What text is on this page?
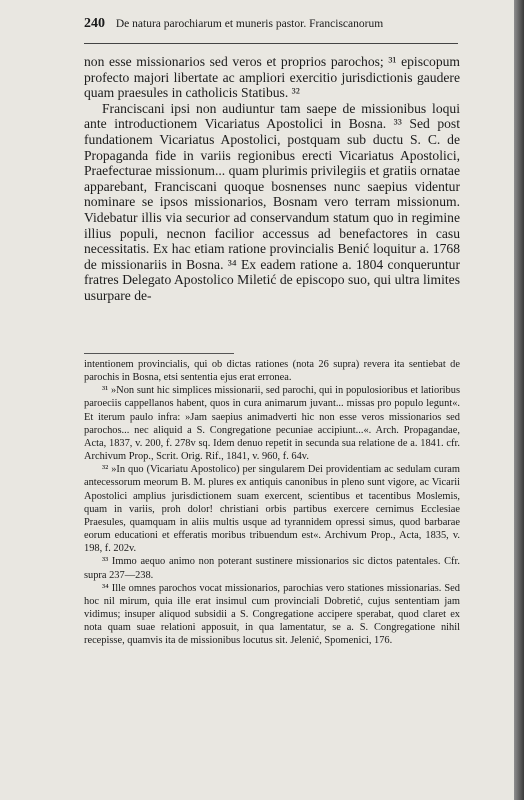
240 De natura parochiarum et muneris pastor. Franciscanorum

non esse missionarios sed veros et proprios parochos; ³¹ episcopum profecto majori libertate ac ampliori exercitio jurisdictionis gaudere quam praesules in catholicis Statibus. ³²

Franciscani ipsi non audiuntur tam saepe de missionibus loqui ante introductionem Vicariatus Apostolici in Bosna. ³³ Sed post fundationem Vicariatus Apostolici, postquam sub ductu S. C. de Propaganda fide in variis regionibus erecti Vicariatus Apostolici, Praefecturae missionum... quam plurimis privilegiis et gratiis ornatae apparebant, Franciscani quoque bosnenses nunc saepius videntur nominare se ipsos missionarios, Bosnam vero terram missionum. Videbatur illis via securior ad conservandum statum quo in regimine illius populi, necnon facilior accessus ad benefactores in casu necessitatis. Ex hac etiam ratione provincialis Benić loquitur a. 1768 de missionariis in Bosna. ³⁴ Ex eadem ratione a. 1804 conqueruntur fratres Delegato Apostolico Miletić de episcopo suo, qui ultra limites usurpare de-

intentionem provincialis, qui ob dictas rationes (nota 26 supra) revera ita sentiebat de parochis in Bosna, etsi sententia ejus erat erronea.

³¹ »Non sunt hic simplices missionarii, sed parochi, qui in populosioribus et latioribus paroeciis cappellanos habent, quos in cura animarum juvant... missas pro populo legunt«. Et iterum paulo infra: »Jam saepius animadverti hic non esse veros missionarios sed parochos... nec aliquid a S. Congregatione pecuniae accipiunt...«. Arch. Propagandae, Acta, 1837, v. 200, f. 278v sq. Idem denuo repetit in secunda sua relatione de a. 1841. cfr. Archivum Prop., Scrit. Orig. Rif., 1841, v. 960, f. 64v.

³² »In quo (Vicariatu Apostolico) per singularem Dei providentiam ac sedulam curam antecessorum meorum B. M. plures ex antiquis canonibus in pleno sunt vigore, ac Vicarii Apostolici amplius jurisdictionem suam exercent, scientibus et tacentibus Moslemis, quam in variis, proh dolor! christiani orbis partibus exercere cernimus Ecclesiae Praesules, quamquam in aliis multis usque ad tyrannidem opressi simus, quod barbarae eorum educationi et efferatis moribus tribuendum est«. Archivum Prop., Acta, 1835, v. 198, f. 202v.

³³ Immo aequo animo non poterant sustinere missionarios sic dictos patentales. Cfr. supra 237—238.

³⁴ Ille omnes parochos vocat missionarios, parochias vero stationes missionarias. Sed hoc nil mirum, quia ille erat insimul cum provinciali Dobretić, cujus sententiam jam vidimus; insuper aliquod subsidii a S. Congregatione accipere sperabat, quod claret ex nota quam suae relationi apposuit, in qua lamentatur, se a. S. Congregatione nihil recepisse, quamvis ita de missionibus locutus sit. Jelenić, Spomenici, 176.
